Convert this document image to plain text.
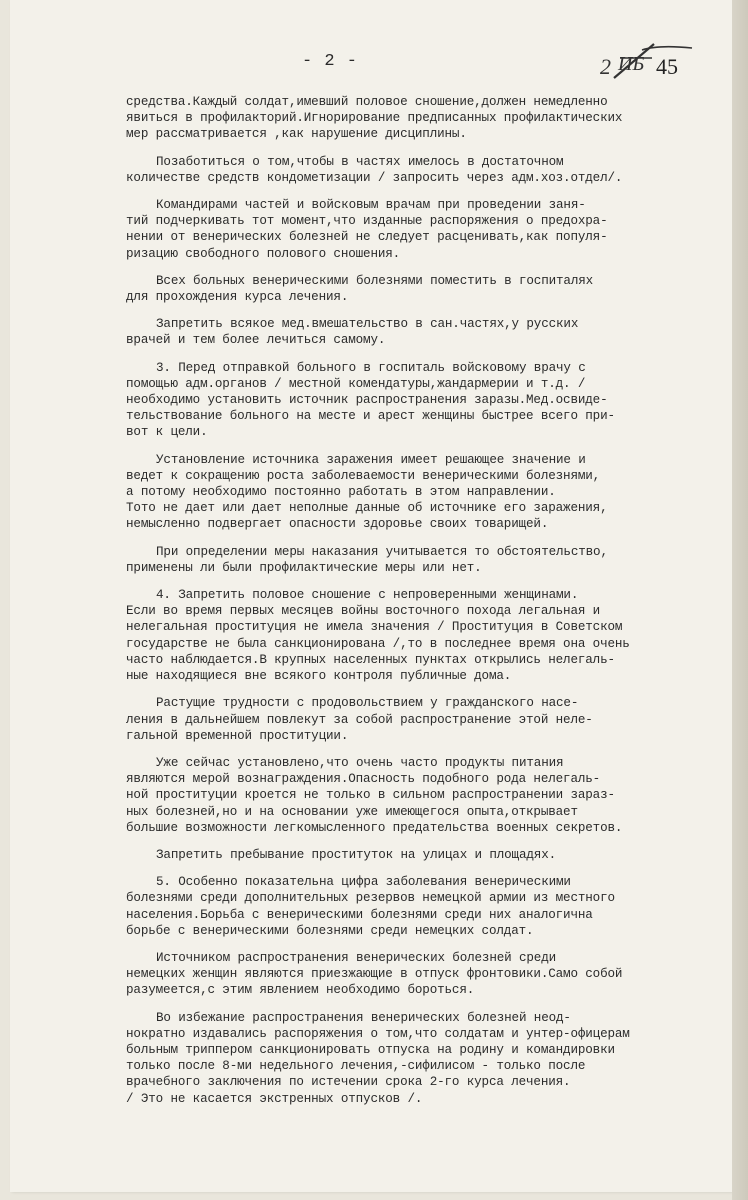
- 2 -	2 ИБ 45
средства.Каждый солдат,имевший половое сношение,должен немедленно
явиться в профилакторий.Игнорирование предписанных профилактических
мер рассматривается ,как нарушение дисциплины.
Позаботиться о том,чтобы в частях имелось в достаточном
количестве средств кондометизации / запросить через адм.хоз.отдел/.
Командирами частей и войсковым врачам при проведении заня-
тий подчеркивать тот момент,что изданные распоряжения о предохра-
нении от венерических болезней не следует расценивать,как популя-
ризацию свободного полового сношения.
Всех больных венерическими болезнями поместить в госпиталях
для прохождения курса лечения.
Запретить всякое мед.вмешательство в сан.частях,у русских
врачей и тем более лечиться самому.
3. Перед отправкой больного в госпиталь войсковому врачу с
помощью адм.органов / местной комендатуры,жандармерии и т.д. /
необходимо установить источник распространения заразы.Мед.освиде-
тельствование больного на месте и арест женщины быстрее всего при-
вот к цели.
Установление источника заражения имеет решающее значение и
ведет к сокращению роста заболеваемости венерическими болезнями,
а потому необходимо постоянно работать в этом направлении.
Тото не дает или дает неполные данные об источнике его заражения,
немысленно подвергает опасности здоровье своих товарищей.
При определении меры наказания учитывается то обстоятельство,
применены ли были профилактические меры или нет.
4. Запретить половое сношение с непроверенными женщинами.
Если во время первых месяцев войны восточного похода легальная и
нелегальная проституция не имела значения / Проституция в Советском
государстве не была санкционирована /,то в последнее время она очень
часто наблюдается.В крупных населенных пунктах открылись нелегаль-
ные находящиеся вне всякого контроля публичные дома.
Растущие трудности с продовольствием у гражданского насе-
ления в дальнейшем повлекут за собой распространение этой неле-
гальной временной проституции.
Уже сейчас установлено,что очень часто продукты питания
являются мерой вознаграждения.Опасность подобного рода нелегаль-
ной проституции кроется не только в сильном распространении зараз-
ных болезней,но и на основании уже имеющегося опыта,открывает
большие возможности легкомысленного предательства военных секретов.
Запретить пребывание проституток на улицах и площадях.
5. Особенно показательна цифра заболевания венерическими
болезнями среди дополнительных резервов немецкой армии из местного
населения.Борьба с венерическими болезнями среди них аналогична
борьбе с венерическими болезнями среди немецких солдат.
Источником распространения венерических болезней среди
немецких женщин являются приезжающие в отпуск фронтовики.Само собой
разумеется,с этим явлением необходимо бороться.
Во избежание распространения венерических болезней неод-
нократно издавались распоряжения о том,что солдатам и унтер-офицерам
больным триппером санкционировать отпуска на родину и командировки
только после 8-ми недельного лечения,-сифилисом - только после
врачебного заключения по истечении срока 2-го курса лечения.
/ Это не касается экстренных отпусков /.
